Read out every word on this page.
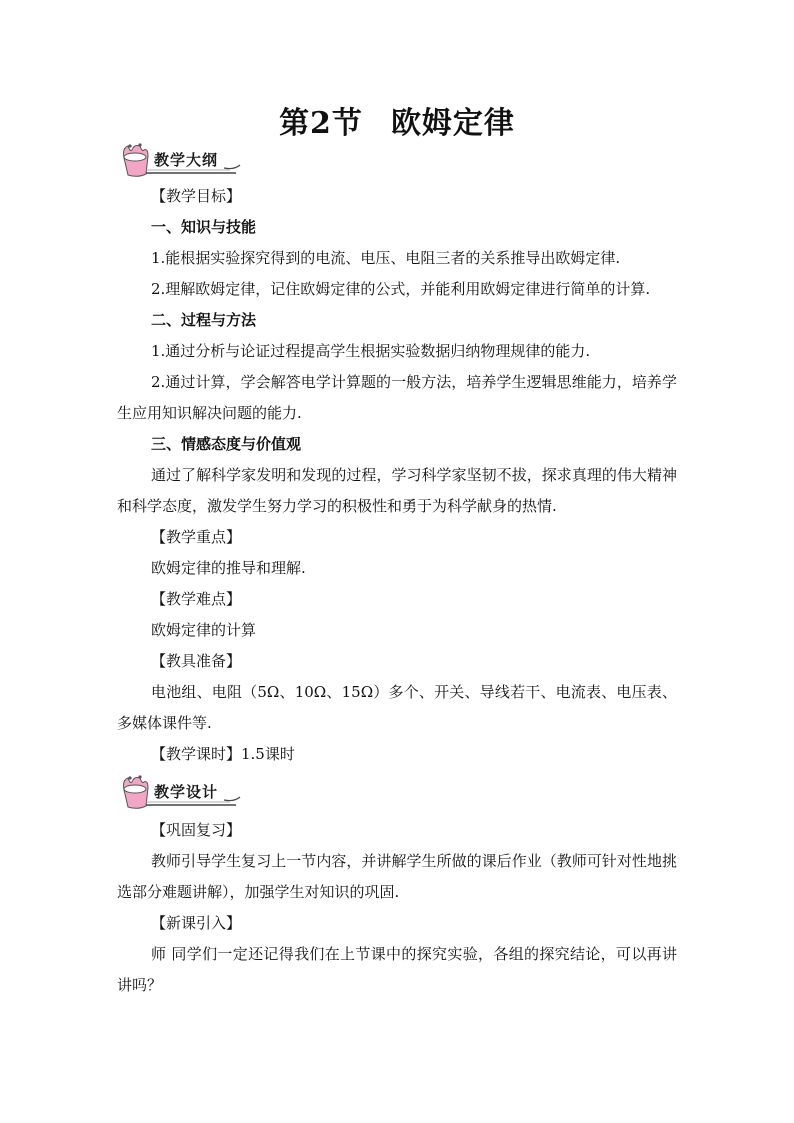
第2节 欧姆定律
教学大纲
【教学目标】
一、知识与技能
1.能根据实验探究得到的电流、电压、电阻三者的关系推导出欧姆定律.
2.理解欧姆定律，记住欧姆定律的公式，并能利用欧姆定律进行简单的计算.
二、过程与方法
1.通过分析与论证过程提高学生根据实验数据归纳物理规律的能力.
2.通过计算，学会解答电学计算题的一般方法，培养学生逻辑思维能力，培养学生应用知识解决问题的能力.
三、情感态度与价值观
通过了解科学家发明和发现的过程，学习科学家坚韧不拔，探求真理的伟大精神和科学态度，激发学生努力学习的积极性和勇于为科学献身的热情.
【教学重点】
欧姆定律的推导和理解.
【教学难点】
欧姆定律的计算
【教具准备】
电池组、电阻（5Ω、10Ω、15Ω）多个、开关、导线若干、电流表、电压表、多媒体课件等.
【教学课时】1.5课时
教学设计
【巩固复习】
教师引导学生复习上一节内容，并讲解学生所做的课后作业（教师可针对性地挑选部分难题讲解），加强学生对知识的巩固.
【新课引入】
师 同学们一定还记得我们在上节课中的探究实验，各组的探究结论，可以再讲讲吗？
